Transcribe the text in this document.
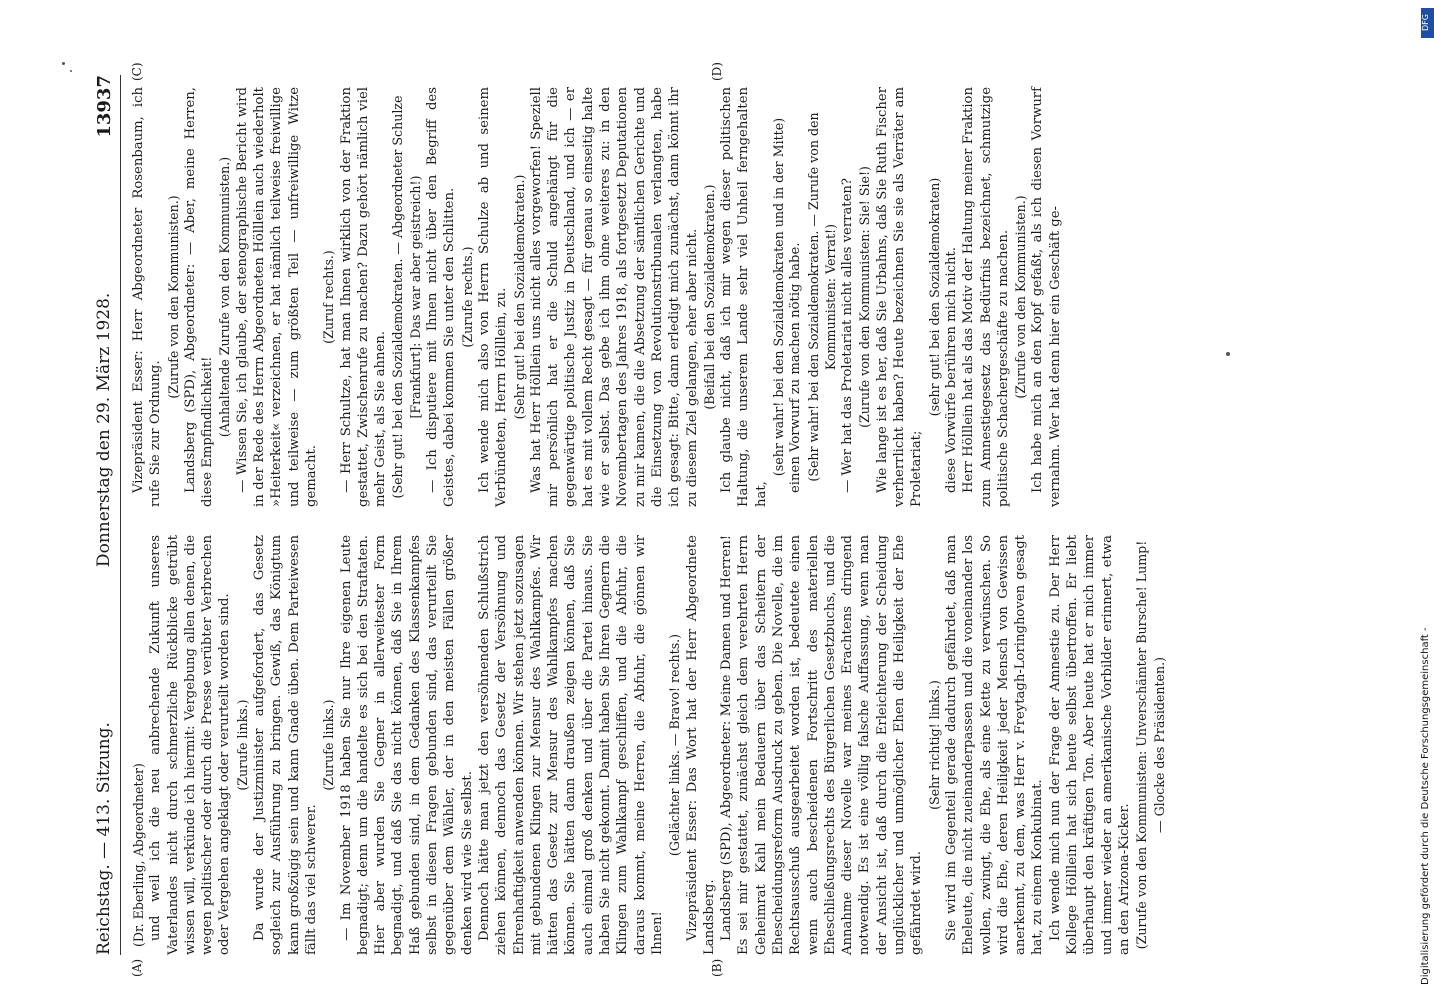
Reichstag. — 413. Sitzung.
Donnerstag den 29. März 1928.
13937
(A)	(B)
(C)	(D)

(Dr. Eberling, Abgeordneter) und weil ich die neu anbrechende Zukunft unseres Vaterlandes nicht durch schmerzliche Rückblicke getrübt wissen will, verkünde ich hiermit: Vergebung allen denen, die wegen politischer oder durch die Presse verübter Verbrechen oder Vergehen angeklagt oder verurteilt worden sind. (Zurufe links.) Da wurde der Justizminister aufgefordert, das Gesetz sogleich zur Ausführung zu bringen. Gewiß, das Königtum kann großzügig sein und kann Gnade üben. Dem Parteiwesen fällt das viel schwerer.

(Zurufe links.) — Im November 1918 haben Sie nur Ihre eigenen Leute begnadigt; denn um die handelte es sich bei den Straftaten. Hier aber wurden Sie Gegner in allerweitester Form begnadigt, und daß Sie das nicht können, daß Sie in Ihrem Haß gebunden sind, in dem Gedanken des Klassenkampfes selbst in diesen Fragen gebunden sind, das verurteilt Sie gegenüber dem Wähler, der in den meisten Fällen größer denken wird wie Sie selbst. Dennoch hätte man jetzt den versöhnenden Schlußstrich ziehen können, dennoch das Gesetz der Versöhnung und Ehrenhaftigkeit anwenden können. Wir stehen jetzt sozusagen mit gebundenen Klingen zur Mensur des Wahlkampfes. Wir hätten das Gesetz zur Mensur des Wahlkampfes machen können. Sie hätten dann draußen zeigen können, daß Sie auch einmal groß denken und über die Partei hinaus. Sie haben Sie nicht gekonnt. Damit haben Sie Ihren Gegnern die Klingen zum Wahlkampf geschliffen, und die Abfuhr, die daraus kommt, meine Herren, die Abfuhr, die gönnen wir Ihnen!

(Gelächter links. — Bravo! rechts.) Vizepräsident Esser: Das Wort hat der Herr Abgeordnete Landsberg. Landsberg (SPD), Abgeordneter: Meine Damen und Herren! Es sei mir gestattet, zunächst gleich dem verehrten Herrn Geheimrat Kahl mein Bedauern über das Scheitern der Ehescheidungsreform Ausdruck zu geben. Die Novelle, die im Rechtsausschuß ausgearbeitet worden ist, bedeutete einen wenn auch bescheidenen Fortschritt des materiellen Eheschließungsrechts des Bürgerlichen Gesetzbuchs, und die Annahme dieser Novelle war meines Erachtens dringend notwendig. Es ist eine völlig falsche Auffassung, wenn man der Ansicht ist, daß durch die Erleichterung der Scheidung unglücklicher und unmöglicher Ehen die Heiligkeit der Ehe gefährdet wird.

(Sehr richtig! links.) Sie wird im Gegenteil gerade dadurch gefährdet, daß man Eheleute, die nicht zueinanderpassen und die voneinander los wollen, zwingt, die Ehe, als eine Kette zu verwünschen. So wird die Ehe, deren Heiligkeit jeder Mensch von Gewissen anerkennt, zu dem, was Herr v. Freytagh-Loringhoven gesagt hat, zu einem Konkubinat. Ich wende mich nun der Frage der Amnestie zu. Der Herr Kollege Hölllein hat sich heute selbst übertroffen. Er liebt überhaupt den kräftigen Ton. Aber heute hat er mich immer und immer wieder an amerikanische Vorbilder erinnert, etwa an den Arizona-Kicker. (Zurufe von den Kommunisten: Unverschämter Bursche! Lump! — Glocke des Präsidenten.)

Vizepräsident Esser: Herr Abgeordneter Rosenbaum, ich rufe Sie zur Ordnung.

(Zurufe von den Kommunisten.) Landsberg (SPD), Abgeordneter: — Aber, meine Herren, diese Empfindlichkeit! (Anhaltende Zurufe von den Kommunisten.) — Wissen Sie, ich glaube, der stenographische Bericht wird in der Rede des Herrn Abgeordneten Hölllein auch wiederholt »Heiterkeit« verzeichnen, er hat nämlich teilweise freiwillige und teilweise — zum größten Teil — unfreiwillige Witze gemacht.

(Zuruf rechts.) — Herr Schultze, hat man Ihnen wirklich von der Fraktion gestattet, Zwischenrufe zu machen? Dazu gehört nämlich viel mehr Geist, als Sie ahnen. (Sehr gut! bei den Sozialdemokraten. — Abgeordneter Schulze [Frankfurt]: Das war aber geistreich!) — Ich disputiere mit Ihnen nicht über den Begriff des Geistes, dabei kommen Sie unter den Schlitten. (Zurufe rechts.) Ich wende mich also von Herrn Schulze ab und seinem Verbündeten, Herrn Hölllein, zu. (Sehr gut! bei den Sozialdemokraten.) Was hat Herr Hölllein uns nicht alles vorgeworfen! Speziell mir persönlich hat er die Schuld angehängt für die gegenwärtige politische Justiz in Deutschland, und ich — er hat es mit vollem Recht gesagt — für genau so einseitig halte wie er selbst. Das gebe ich ihm ohne weiteres zu: in den Novembertagen des Jahres 1918, als fortgesetzt Deputationen zu mir kamen, die die Absetzung der sämtlichen Gerichte und die Einsetzung von Revolutionstribunalen verlangten, habe ich gesagt: Bitte, dann erledigt mich zunächst, dann könnt ihr zu diesem Ziel gelangen, eher aber nicht. (Beifall bei den Sozialdemokraten.) Ich glaube nicht, daß ich mir wegen dieser politischen Haltung, die unserem Lande sehr viel Unheil ferngehalten hat,

(sehr wahr! bei den Sozialdemokraten und in der Mitte) einen Vorwurf zu machen nötig habe. (Sehr wahr! bei den Sozialdemokraten. — Zurufe von den Kommunisten: Verrat!) — Wer hat das Proletariat nicht alles verraten? (Zurufe von den Kommunisten: Sie! Sie!) Wie lange ist es her, daß Sie Urbahns, daß Sie Ruth Fischer verherrlicht haben? Heute bezeichnen Sie sie als Verräter am Proletariat;

(sehr gut! bei den Sozialdemokraten) diese Vorwürfe berühren mich nicht. Herr Hölllein hat als das Motiv der Haltung meiner Fraktion zum Amnestiegesetz das Bedürfnis bezeichnet, schmutzige politische Schachergeschäfte zu machen. (Zurufe von den Kommunisten.) Ich habe mich an den Kopf gefaßt, als ich diesen Vorwurf vernahm. Wer hat denn hier ein Geschäft ge-

DFG
Digitalisierung gefördert durch die Deutsche Forschungsgemeinschaft -
